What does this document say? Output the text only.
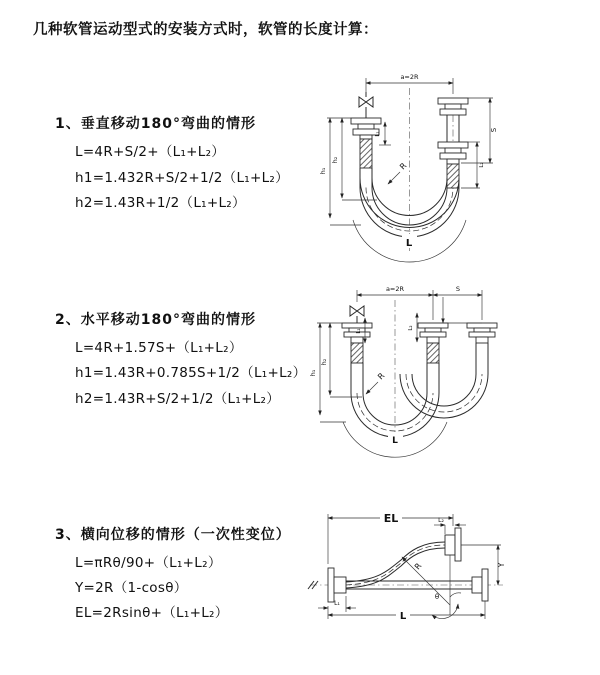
几种软管运动型式的安装方式时，软管的长度计算：
1、垂直移动180°弯曲的情形
L=4R+S/2+（L₁+L₂）
h1=1.432R+S/2+1/2（L₁+L₂）
h2=1.43R+1/2（L₁+L₂）
2、水平移动180°弯曲的情形
L=4R+1.57S+（L₁+L₂）
h1=1.43R+0.785S+1/2（L₁+L₂）
h2=1.43R+S/2+1/2（L₁+L₂）
3、横向位移的情形（一次性变位）
L=πRθ/90+（L₁+L₂）
Y=2R（1-cosθ）
EL=2Rsinθ+（L₁+L₂）
a=2R
h₁
h₂
L₁
S
L₂
R
L
a=2R	S
h₁
h₂
L₁
L₂
R
L
R
θ
EL	L₂
Y
L
L₁
